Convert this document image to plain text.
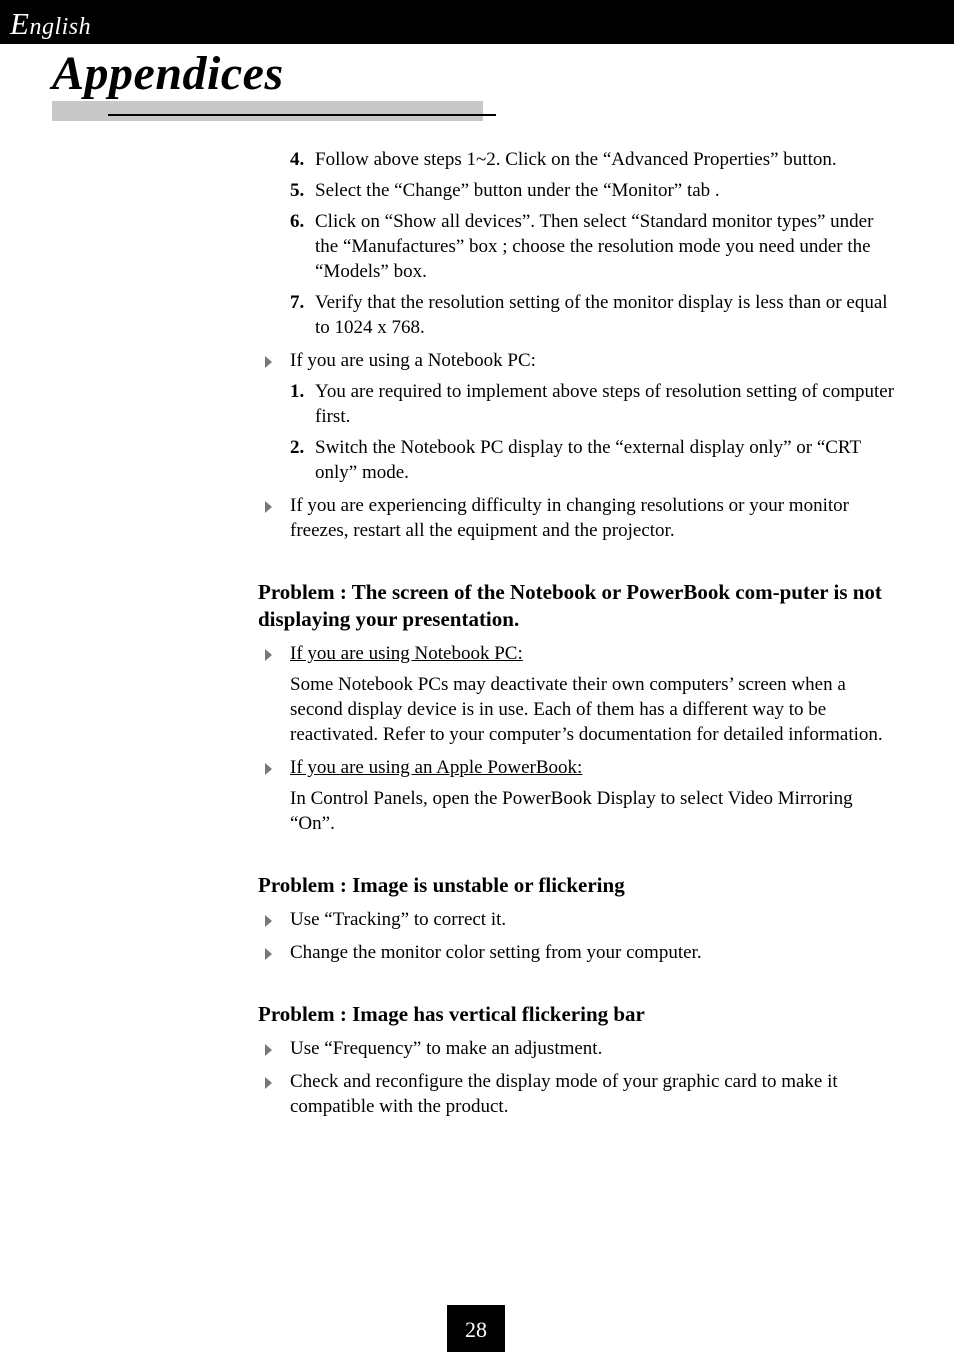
English
Appendices
4. Follow above steps 1~2. Click on the “Advanced Properties” button.
5. Select the “Change” button under the “Monitor” tab .
6. Click on “Show all devices”. Then select “Standard monitor types” under the “Manufactures” box ; choose the resolution mode you need under the “Models” box.
7. Verify that the resolution setting of the monitor display is less than or equal to 1024 x 768.
If you are using a Notebook PC:
1. You are required to implement above steps of resolution setting of computer first.
2. Switch the Notebook PC display to the “external display only” or “CRT only” mode.
If you are experiencing difficulty in changing resolutions or your monitor freezes, restart all the equipment and the projector.
Problem : The screen of the Notebook or PowerBook com-puter is not displaying your presentation.
If you are using Notebook PC:
Some Notebook PCs may deactivate their own computers’ screen when a second display device is in use. Each of them has a different way to be reactivated. Refer to your computer’s documentation for detailed information.
If you are using an Apple PowerBook:
In Control Panels, open the PowerBook Display to select Video Mirroring “On”.
Problem : Image is unstable or flickering
Use “Tracking” to correct it.
Change the monitor color setting from your computer.
Problem : Image has vertical flickering bar
Use “Frequency” to make an adjustment.
Check and reconfigure the display mode of your graphic card to make it compatible with the product.
28
